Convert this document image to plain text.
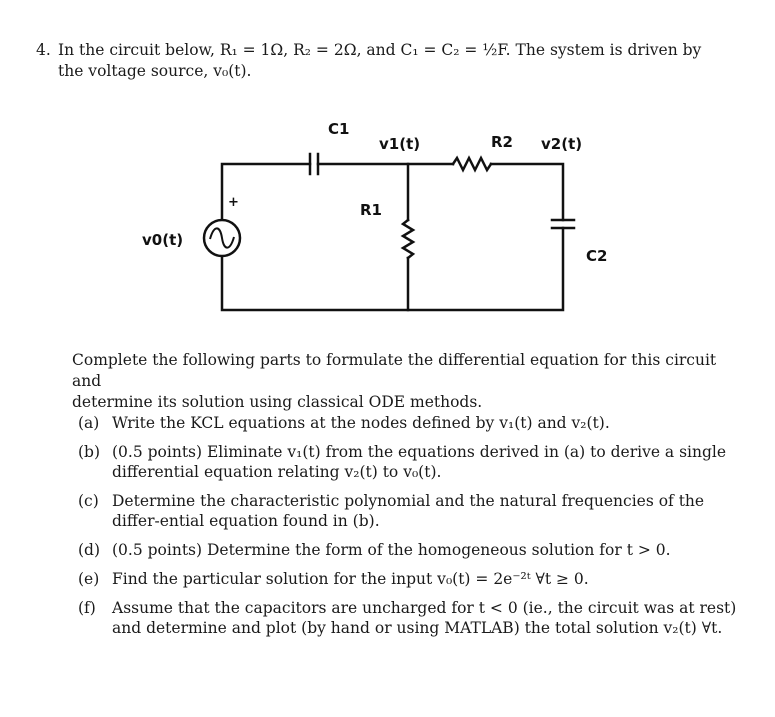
4. In the circuit below, R₁ = 1Ω, R₂ = 2Ω, and C₁ = C₂ = ½F. The system is driven by
the voltage source, v₀(t).
C1
v1(t)	R2 v2(t)
R1
v0(t)
C2
+
Complete the following parts to formulate the differential equation for this circuit and
determine its solution using classical ODE methods.
(a) Write the KCL equations at the nodes defined by v₁(t) and v₂(t).
(b) (0.5 points) Eliminate v₁(t) from the equations derived in (a) to derive a single differential equation relating v₂(t) to v₀(t).
(c) Determine the characteristic polynomial and the natural frequencies of the differ-ential equation found in (b).
(d) (0.5 points) Determine the form of the homogeneous solution for t > 0.
(e) Find the particular solution for the input v₀(t) = 2e⁻²ᵗ ∀t ≥ 0.
(f) Assume that the capacitors are uncharged for t < 0 (ie., the circuit was at rest) and determine and plot (by hand or using MATLAB) the total solution v₂(t) ∀t.
